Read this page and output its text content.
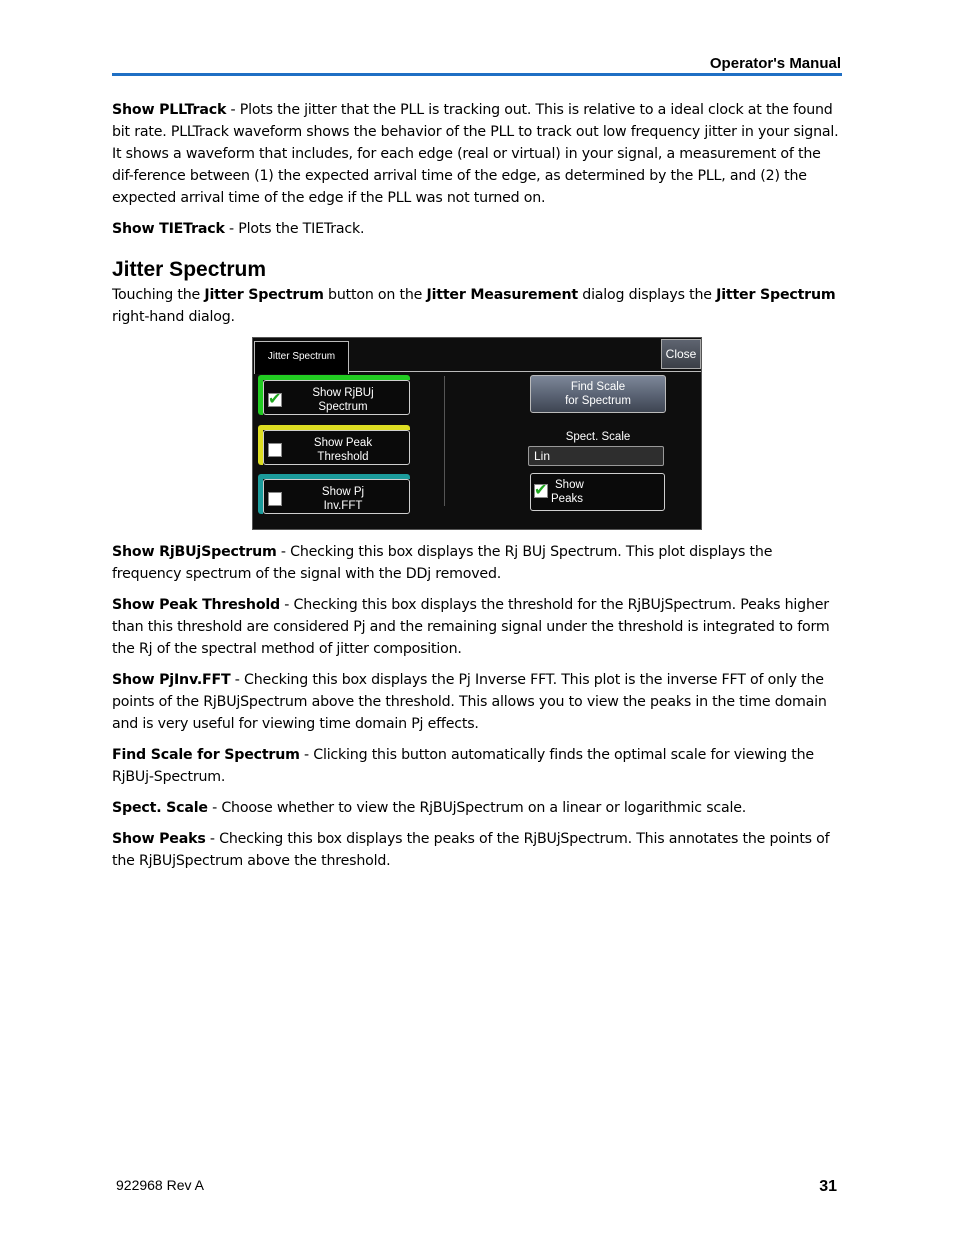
Operator's Manual

Show PLLTrack - Plots the jitter that the PLL is tracking out. This is relative to a ideal clock at the found bit rate. PLLTrack waveform shows the behavior of the PLL to track out low frequency jitter in your signal. It shows a waveform that includes, for each edge (real or virtual) in your signal, a measurement of the dif-ference between (1) the expected arrival time of the edge, as determined by the PLL, and (2) the expected arrival time of the edge if the PLL was not turned on.

Show TIETrack - Plots the TIETrack.

Jitter Spectrum

Touching the Jitter Spectrum button on the Jitter Measurement dialog displays the Jitter Spectrum right-hand dialog.

Jitter Spectrum	Close
✔	Show RjBUj
Spectrum
Show Peak
Threshold
Show Pj
Inv.FFT
Find Scale
for Spectrum
Spect. Scale
Lin
✔ Show
Peaks

Show RjBUjSpectrum - Checking this box displays the Rj BUj Spectrum. This plot displays the frequency spectrum of the signal with the DDj removed.

Show Peak Threshold - Checking this box displays the threshold for the RjBUjSpectrum. Peaks higher than this threshold are considered Pj and the remaining signal under the threshold is integrated to form the Rj of the spectral method of jitter composition.

Show PjInv.FFT - Checking this box displays the Pj Inverse FFT. This plot is the inverse FFT of only the points of the RjBUjSpectrum above the threshold. This allows you to view the peaks in the time domain and is very useful for viewing time domain Pj effects.

Find Scale for Spectrum - Clicking this button automatically finds the optimal scale for viewing the RjBUj-Spectrum.

Spect. Scale - Choose whether to view the RjBUjSpectrum on a linear or logarithmic scale.

Show Peaks - Checking this box displays the peaks of the RjBUjSpectrum. This annotates the points of the RjBUjSpectrum above the threshold.

922968 Rev A	31
